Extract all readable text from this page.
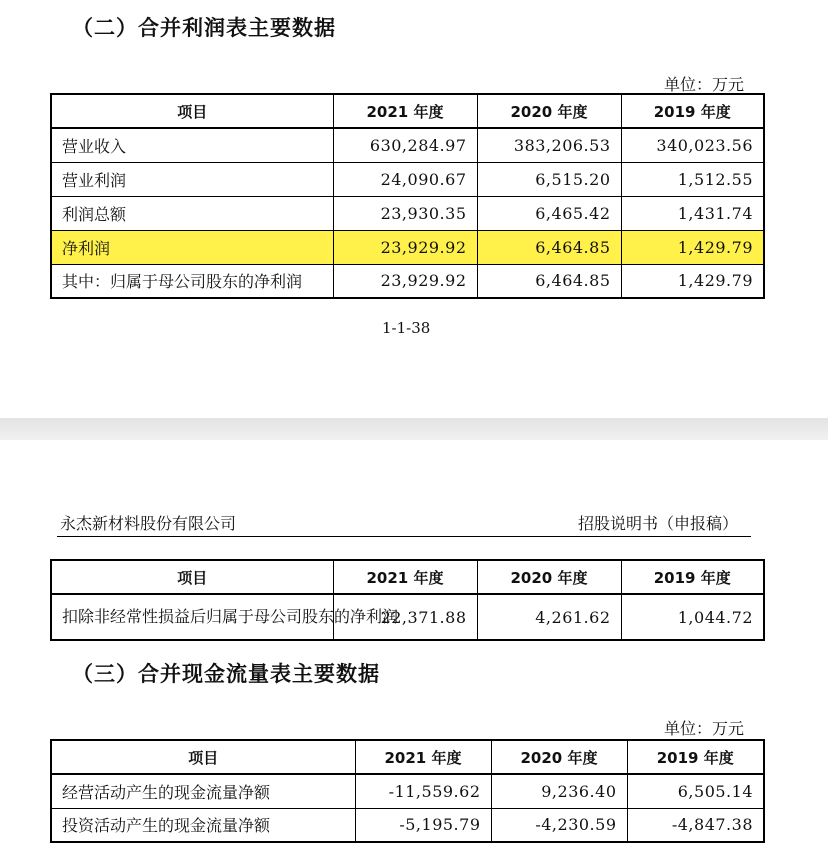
（二）合并利润表主要数据
单位：万元
项目	2021 年度	2020 年度	2019 年度
营业收入	630,284.97	383,206.53	340,023.56
营业利润	24,090.67	6,515.20	1,512.55
利润总额	23,930.35	6,465.42	1,431.74
净利润	23,929.92	6,464.85	1,429.79
其中：归属于母公司股东的净利润	23,929.92	6,464.85	1,429.79
1-1-38
永杰新材料股份有限公司	招股说明书（申报稿）
项目	2021 年度	2020 年度	2019 年度
扣除非经常性损益后归属于母公司股东的净利润	22,371.88	4,261.62	1,044.72
（三）合并现金流量表主要数据
单位：万元
项目	2021 年度	2020 年度	2019 年度
经营活动产生的现金流量净额	-11,559.62	9,236.40	6,505.14
投资活动产生的现金流量净额	-5,195.79	-4,230.59	-4,847.38
